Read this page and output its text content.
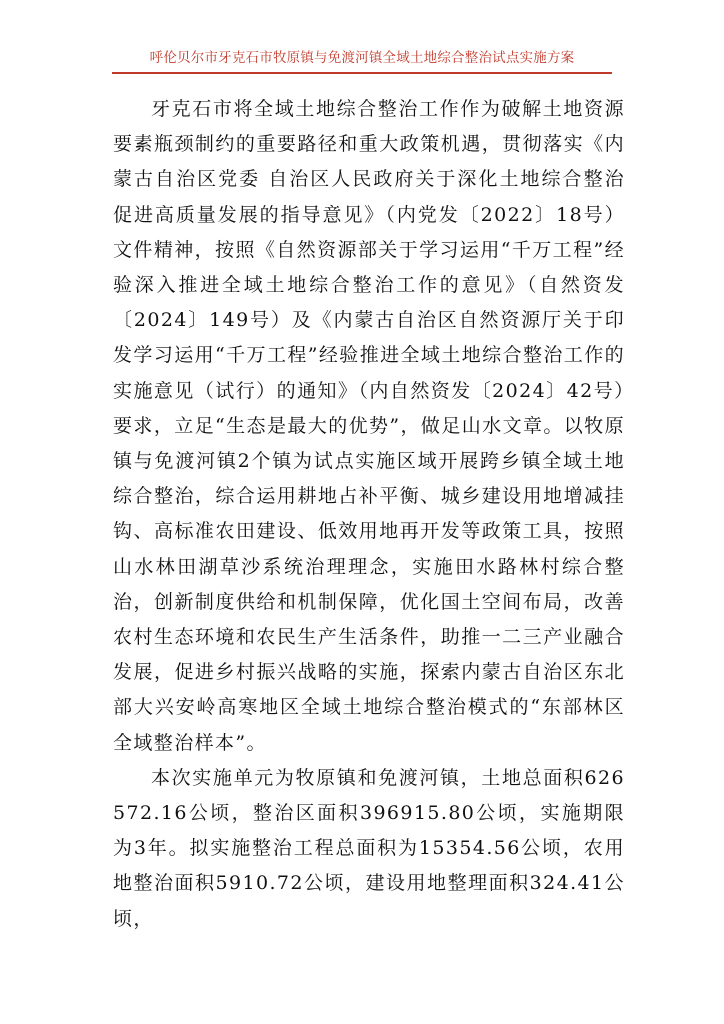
呼伦贝尔市牙克石市牧原镇与免渡河镇全域土地综合整治试点实施方案

牙克石市将全域土地综合整治工作作为破解土地资源要素瓶颈制约的重要路径和重大政策机遇，贯彻落实《内蒙古自治区党委 自治区人民政府关于深化土地综合整治促进高质量发展的指导意见》（内党发〔2022〕18号）文件精神，按照《自然资源部关于学习运用“千万工程”经验深入推进全域土地综合整治工作的意见》（自然资发〔2024〕149号）及《内蒙古自治区自然资源厅关于印发学习运用“千万工程”经验推进全域土地综合整治工作的实施意见（试行）的通知》（内自然资发〔2024〕42号）要求，立足“生态是最大的优势”，做足山水文章。以牧原镇与免渡河镇2个镇为试点实施区域开展跨乡镇全域土地综合整治，综合运用耕地占补平衡、城乡建设用地增减挂钩、高标准农田建设、低效用地再开发等政策工具，按照山水林田湖草沙系统治理理念，实施田水路林村综合整治，创新制度供给和机制保障，优化国土空间布局，改善农村生态环境和农民生产生活条件，助推一二三产业融合发展，促进乡村振兴战略的实施，探索内蒙古自治区东北部大兴安岭高寒地区全域土地综合整治模式的“东部林区全域整治样本”。

本次实施单元为牧原镇和免渡河镇，土地总面积626572.16公顷，整治区面积396915.80公顷，实施期限为3年。拟实施整治工程总面积为15354.56公顷，农用地整治面积5910.72公顷，建设用地整理面积324.41公顷，
